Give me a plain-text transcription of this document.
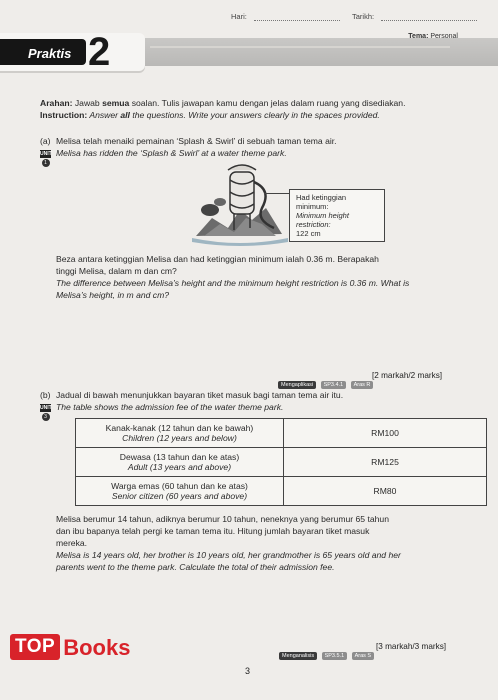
Hari:	Tarikh:
Praktis 2	Tema: Personal
Arahan: Jawab semua soalan. Tulis jawapan kamu dengan jelas dalam ruang yang disediakan.
Instruction: Answer all the questions. Write your answers clearly in the spaces provided.
(a)
UNIT
1
Melisa telah menaiki pemainan ‘Splash & Swirl’ di sebuah taman tema air.
Melisa has ridden the ‘Splash & Swirl’ at a water theme park.
Had ketinggian minimum:
Minimum height restriction:
122 cm
Beza antara ketinggian Melisa dan had ketinggian minimum ialah 0.36 m. Berapakah
tinggi Melisa, dalam m dan cm?
The difference between Melisa’s height and the minimum height restriction is 0.36 m. What is
Melisa’s height, in m and cm?
Mengaplikasi SP3.4.1 Aras R
[2 markah/2 marks]
(b)
UNIT
3
Jadual di bawah menunjukkan bayaran tiket masuk bagi taman tema air itu.
The table shows the admission fee of the water theme park.
Kanak-kanak (12 tahun dan ke bawah)
Children (12 years and below)	RM100

Dewasa (13 tahun dan ke atas)
Adult (13 years and above)	RM125

Warga emas (60 tahun dan ke atas)
Senior citizen (60 years and above)	RM80
Melisa berumur 14 tahun, adiknya berumur 10 tahun, neneknya yang berumur 65 tahun
dan ibu bapanya telah pergi ke taman tema itu. Hitung jumlah bayaran tiket masuk
mereka.
Melisa is 14 years old, her brother is 10 years old, her grandmother is 65 years old and her
parents went to the theme park. Calculate the total of their admission fee.
Menganalisis SP3.5.1 Aras S
[3 markah/3 marks]
TOP Books
3
